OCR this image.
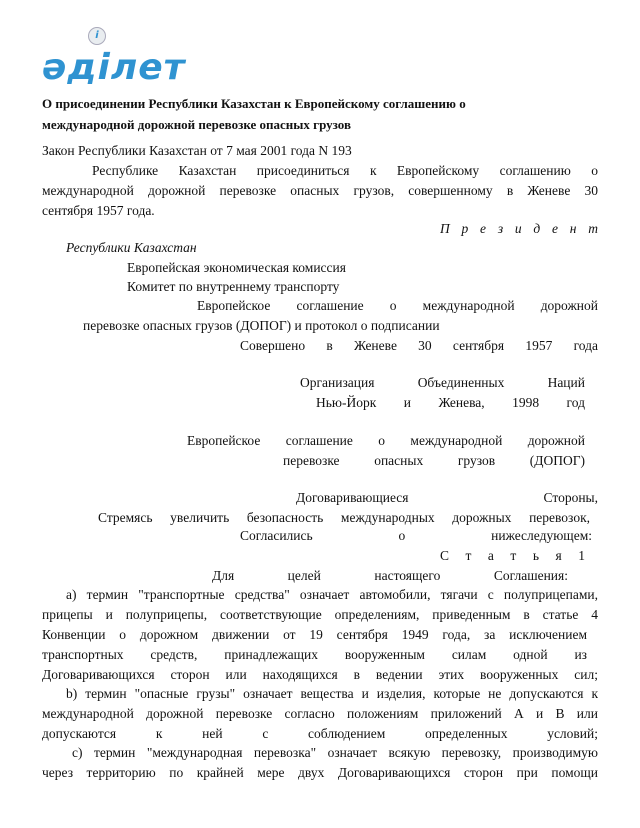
i
әділет
О присоединении Республики Казахстан к Европейскому соглашению о
международной дорожной перевозке опасных грузов
Закон Республики Казахстан от 7 мая 2001 года N 193
Республике Казахстан присоединиться к Европейскому соглашению о
международной дорожной перевозке опасных грузов, совершенному в Женеве 30
сентября 1957 года.
П р е з и д е н т
Республики Казахстан
Европейская экономическая комиссия
Комитет по внутреннему транспорту
Европейское соглашение о международной дорожной
перевозке опасных грузов (ДОПОГ) и протокол о подписании
Совершено в Женеве 30 сентября 1957 года
Организация Объединенных Наций
Нью-Йорк и Женева, 1998 год
Европейское соглашение о международной дорожной
перевозке опасных грузов (ДОПОГ)
Договаривающиеся Стороны,
Стремясь увеличить безопасность международных дорожных перевозок,
Согласились о нижеследующем:
С т а т ь я 1
Для целей настоящего Соглашения:
а) термин "транспортные средства" означает автомобили, тягачи с полуприцепами,
прицепы и полуприцепы, соответствующие определениям, приведенным в статье 4
Конвенции о дорожном движении от 19 сентября 1949 года, за исключением
транспортных средств, принадлежащих вооруженным силам одной из
Договаривающихся сторон или находящихся в ведении этих вооруженных сил;
b) термин "опасные грузы" означает вещества и изделия, которые не допускаются к
международной дорожной перевозке согласно положениям приложений А и В или
допускаются к ней с соблюдением определенных условий;
c) термин "международная перевозка" означает всякую перевозку, производимую
через территорию по крайней мере двух Договаривающихся сторон при помощи
